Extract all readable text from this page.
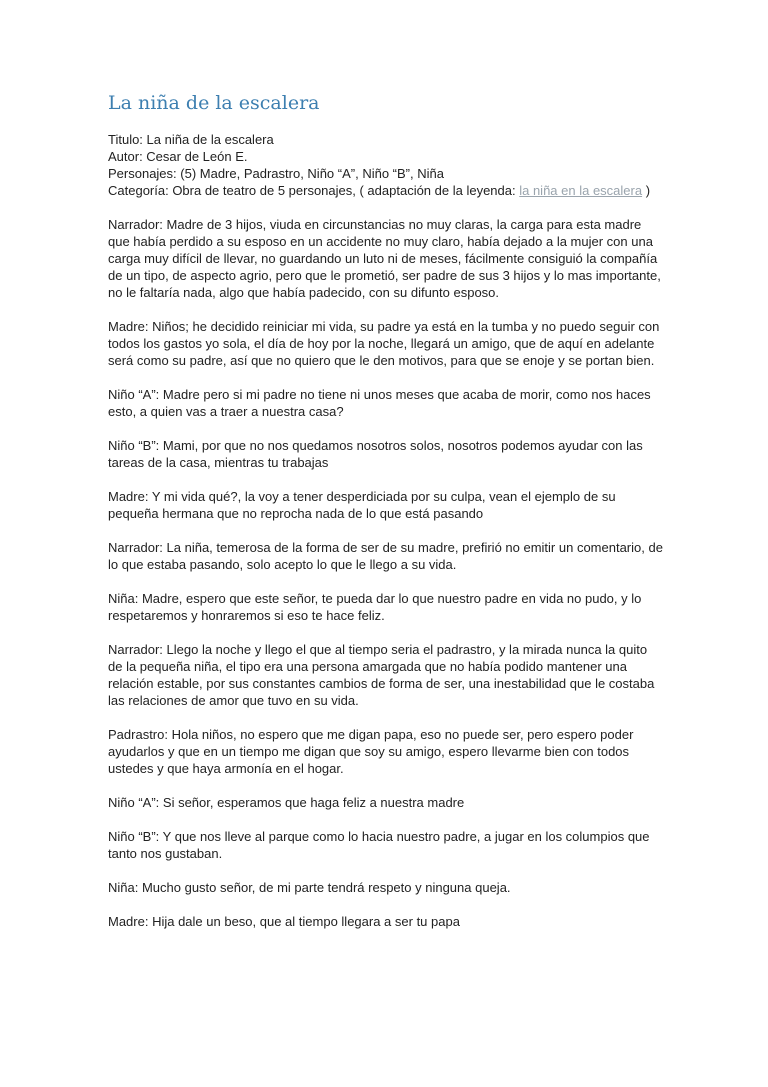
La niña de la escalera

Titulo: La niña de la escalera
Autor: Cesar de León E.
Personajes: (5) Madre, Padrastro, Niño “A”, Niño “B”, Niña
Categoría: Obra de teatro de 5 personajes, ( adaptación de la leyenda: la niña en la escalera )

Narrador: Madre de 3 hijos, viuda en circunstancias no muy claras, la carga para esta madre que había perdido a su esposo en un accidente no muy claro, había dejado a la mujer con una carga muy difícil de llevar, no guardando un luto ni de meses, fácilmente consiguió la compañía de un tipo, de aspecto agrio, pero que le prometió, ser padre de sus 3 hijos y lo mas importante, no le faltaría nada, algo que había padecido, con su difunto esposo.

Madre: Niños; he decidido reiniciar mi vida, su padre ya está en la tumba y no puedo seguir con todos los gastos yo sola, el día de hoy por la noche, llegará un amigo, que de aquí en adelante será como su padre, así que no quiero que le den motivos, para que se enoje y se portan bien.

Niño “A”: Madre pero si mi padre no tiene ni unos meses que acaba de morir, como nos haces esto, a quien vas a traer a nuestra casa?

Niño “B”: Mami, por que no nos quedamos nosotros solos, nosotros podemos ayudar con las tareas de la casa, mientras tu trabajas

Madre: Y mi vida qué?, la voy a tener desperdiciada por su culpa, vean el ejemplo de su pequeña hermana que no reprocha nada de lo que está pasando

Narrador: La niña, temerosa de la forma de ser de su madre, prefirió no emitir un comentario, de lo que estaba pasando, solo acepto lo que le llego a su vida.

Niña: Madre, espero que este señor, te pueda dar lo que nuestro padre en vida no pudo, y lo respetaremos y honraremos si eso te hace feliz.

Narrador: Llego la noche y llego el que al tiempo seria el padrastro, y la mirada nunca la quito de la pequeña niña, el tipo era una persona amargada que no había podido mantener una relación estable, por sus constantes cambios de forma de ser, una inestabilidad que le costaba las relaciones de amor que tuvo en su vida.

Padrastro: Hola niños, no espero que me digan papa, eso no puede ser, pero espero poder ayudarlos y que en un tiempo me digan que soy su amigo, espero llevarme bien con todos ustedes y que haya armonía en el hogar.

Niño “A”: Si señor, esperamos que haga feliz a nuestra madre

Niño “B”: Y que nos lleve al parque como lo hacia nuestro padre, a jugar en los columpios que tanto nos gustaban.

Niña: Mucho gusto señor, de mi parte tendrá respeto y ninguna queja.

Madre: Hija dale un beso, que al tiempo llegara a ser tu papa
